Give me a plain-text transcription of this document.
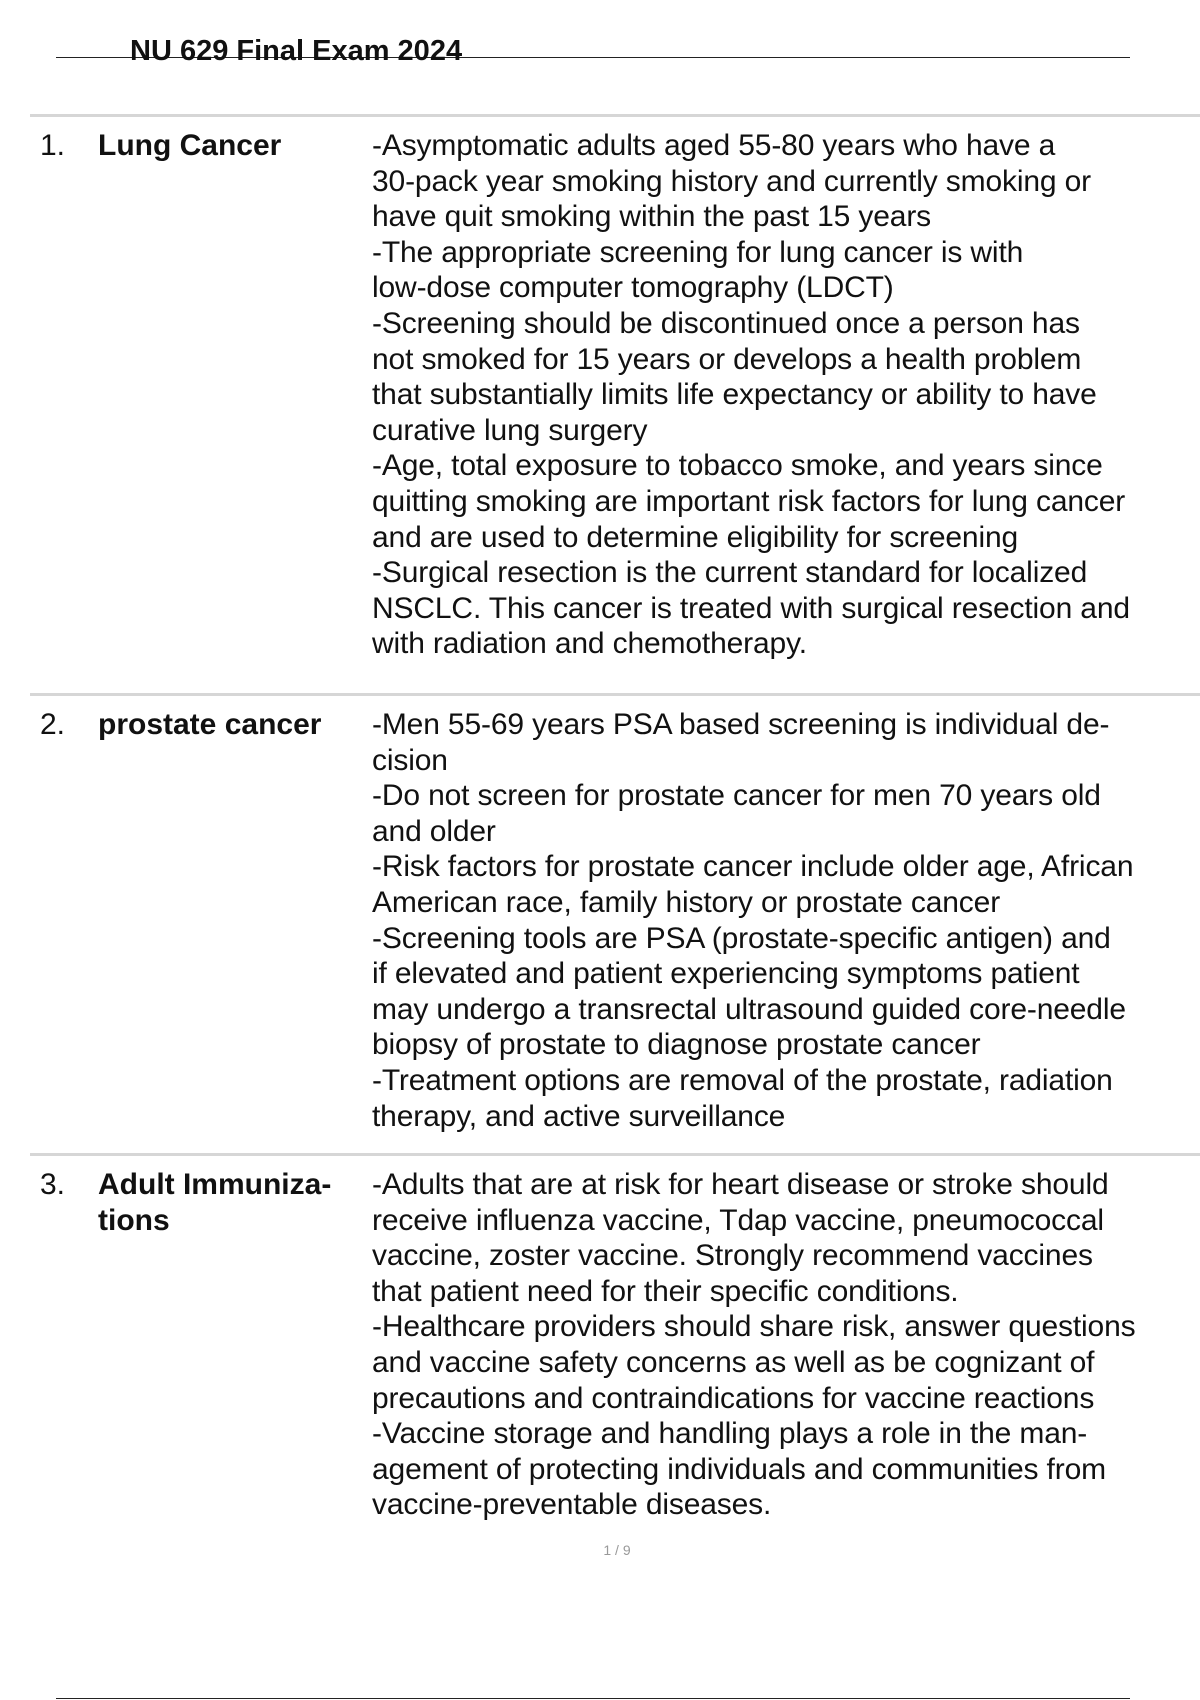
NU 629 Final Exam 2024
1.	Lung Cancer	-Asymptomatic adults aged 55-80 years who have a
30-pack year smoking history and currently smoking or
have quit smoking within the past 15 years
-The appropriate screening for lung cancer is with
low-dose computer tomography (LDCT)
-Screening should be discontinued once a person has
not smoked for 15 years or develops a health problem
that substantially limits life expectancy or ability to have
curative lung surgery
-Age, total exposure to tobacco smoke, and years since
quitting smoking are important risk factors for lung cancer
and are used to determine eligibility for screening
-Surgical resection is the current standard for localized
NSCLC. This cancer is treated with surgical resection and
with radiation and chemotherapy.
2.	prostate cancer	-Men 55-69 years PSA based screening is individual de-
cision
-Do not screen for prostate cancer for men 70 years old
and older
-Risk factors for prostate cancer include older age, African
American race, family history or prostate cancer
-Screening tools are PSA (prostate-specific antigen) and
if elevated and patient experiencing symptoms patient
may undergo a transrectal ultrasound guided core-needle
biopsy of prostate to diagnose prostate cancer
-Treatment options are removal of the prostate, radiation
therapy, and active surveillance
3.	Adult Immuniza-
tions
-Adults that are at risk for heart disease or stroke should
receive influenza vaccine, Tdap vaccine, pneumococcal
vaccine, zoster vaccine. Strongly recommend vaccines
that patient need for their specific conditions.
-Healthcare providers should share risk, answer questions
and vaccine safety concerns as well as be cognizant of
precautions and contraindications for vaccine reactions
-Vaccine storage and handling plays a role in the man-
agement of protecting individuals and communities from
vaccine-preventable diseases.

1 / 9
